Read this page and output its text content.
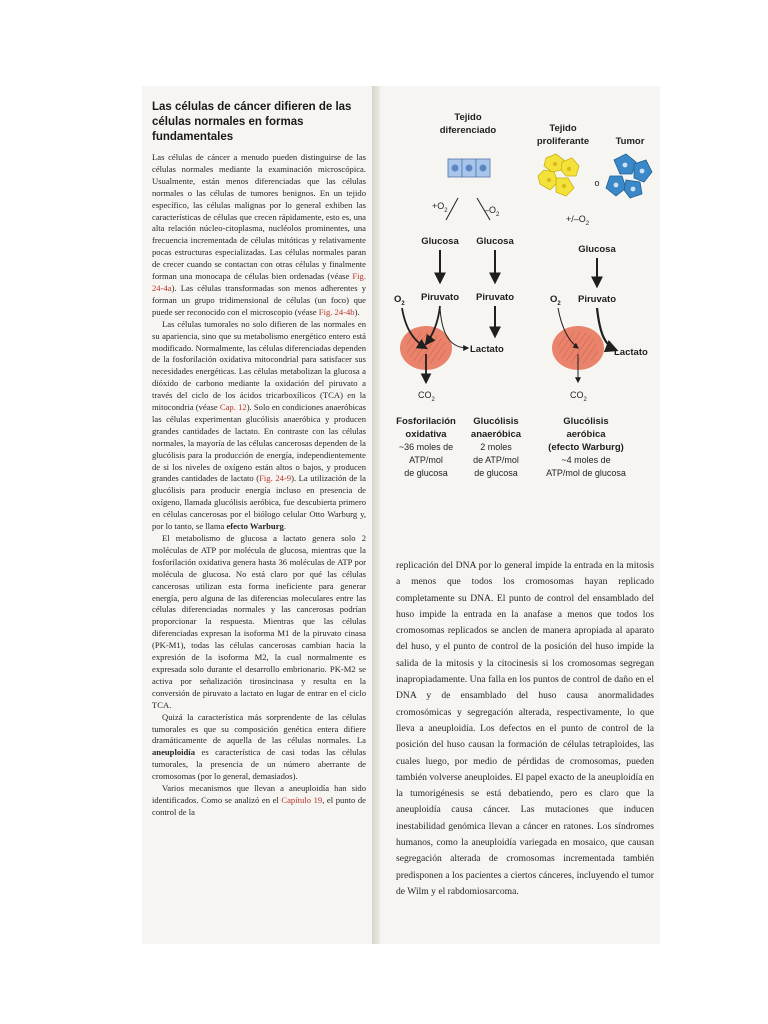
Las células de cáncer difieren de las células normales en formas fundamentales

Las células de cáncer a menudo pueden distinguirse de las células normales mediante la examinación microscópica. Usualmente, están menos diferenciadas que las células normales o las células de tumores benignos. En un tejido específico, las células malignas por lo general exhiben las características de células que crecen rápidamente, esto es, una alta relación núcleo-citoplasma, nucléolos prominentes, una frecuencia incrementada de células mitóticas y relativamente pocas estructuras especializadas. Las células normales paran de crecer cuando se contactan con otras células y finalmente forman una monocapa de células bien ordenadas (véase Fig. 24-4a). Las células transformadas son menos adherentes y forman un grupo tridimensional de células (un foco) que puede ser reconocido con el microscopio (véase Fig. 24-4b).

Las células tumorales no solo difieren de las normales en su apariencia, sino que su metabolismo energético entero está modificado. Normalmente, las células diferenciadas dependen de la fosforilación oxidativa mitocondrial para satisfacer sus necesidades energéticas. Las células metabolizan la glucosa a dióxido de carbono mediante la oxidación del piruvato a través del ciclo de los ácidos tricarboxílicos (TCA) en la mitocondria (véase Cap. 12). Solo en condiciones anaeróbicas las células experimentan glucólisis anaeróbica y producen grandes cantidades de lactato. En contraste con las células normales, la mayoría de las células cancerosas dependen de la glucólisis para la producción de energía, independientemente de si los niveles de oxígeno están altos o bajos, y producen grandes cantidades de lactato (Fig. 24-9). La utilización de la glucólisis para producir energía incluso en presencia de oxígeno, llamada glucólisis aeróbica, fue descubierta primero en células cancerosas por el biólogo celular Otto Warburg y, por lo tanto, se llama efecto Warburg.

El metabolismo de glucosa a lactato genera solo 2 moléculas de ATP por molécula de glucosa, mientras que la fosforilación oxidativa genera hasta 36 moléculas de ATP por molécula de glucosa. No está claro por qué las células cancerosas utilizan esta forma ineficiente para generar energía, pero alguna de las diferencias moleculares entre las células diferenciadas normales y las cancerosas podrían proporcionar la respuesta. Mientras que las células diferenciadas expresan la isoforma M1 de la piruvato cinasa (PK-M1), todas las células cancerosas cambian hacia la expresión de la isoforma M2, la cual normalmente es expresada solo durante el desarrollo embrionario. PK-M2 se activa por señalización tirosincinasa y resulta en la conversión de piruvato a lactato en lugar de entrar en el ciclo TCA.

Quizá la característica más sorprendente de las células tumorales es que su composición genética entera difiere dramáticamente de aquella de las células normales. La aneuploidía es característica de casi todas las células tumorales, la presencia de un número aberrante de cromosomas (por lo general, demasiados).

Varios mecanismos que llevan a aneuploidía han sido identificados. Como se analizó en el Capítulo 19, el punto de control de la

Tejido
diferenciado	Tejido
proliferante	Tumor
o
$+O_2$	$-O_2$	$+/-O_2$
Glucosa Glucosa
Glucosa
$O_2$
Piruvato Piruvato	$O_2$ Piruvato
Lactato	Lactato
$CO_2$	$CO_2$
Fosforilación
oxidativa
~36 moles de
ATP/mol
de glucosa
Glucólisis
anaeróbica
2 moles
de ATP/mol
de glucosa
Glucólisis
aeróbica
(efecto Warburg)
~4 moles de
ATP/mol de glucosa

replicación del DNA por lo general impide la entrada en la mitosis a menos que todos los cromosomas hayan replicado completamente su DNA. El punto de control del ensamblado del huso impide la entrada en la anafase a menos que todos los cromosomas replicados se anclen de manera apropiada al aparato del huso, y el punto de control de la posición del huso impide la salida de la mitosis y la citocinesis si los cromosomas segregan inapropiadamente. Una falla en los puntos de control de daño en el DNA y de ensamblado del huso causa anormalidades cromosómicas y segregación alterada, respectivamente, lo que lleva a aneuploidía. Los defectos en el punto de control de la posición del huso causan la formación de células tetraploides, las cuales luego, por medio de pérdidas de cromosomas, pueden también volverse aneuploides. El papel exacto de la aneuploidía en la tumorigénesis se está debatiendo, pero es claro que la aneuploidía causa cáncer. Las mutaciones que inducen inestabilidad genómica llevan a cáncer en ratones. Los síndromes humanos, como la aneuploidía variegada en mosaico, que causan segregación alterada de cromosomas incrementada también predisponen a los pacientes a ciertos cánceres, incluyendo el tumor de Wilm y el rabdomiosarcoma.
